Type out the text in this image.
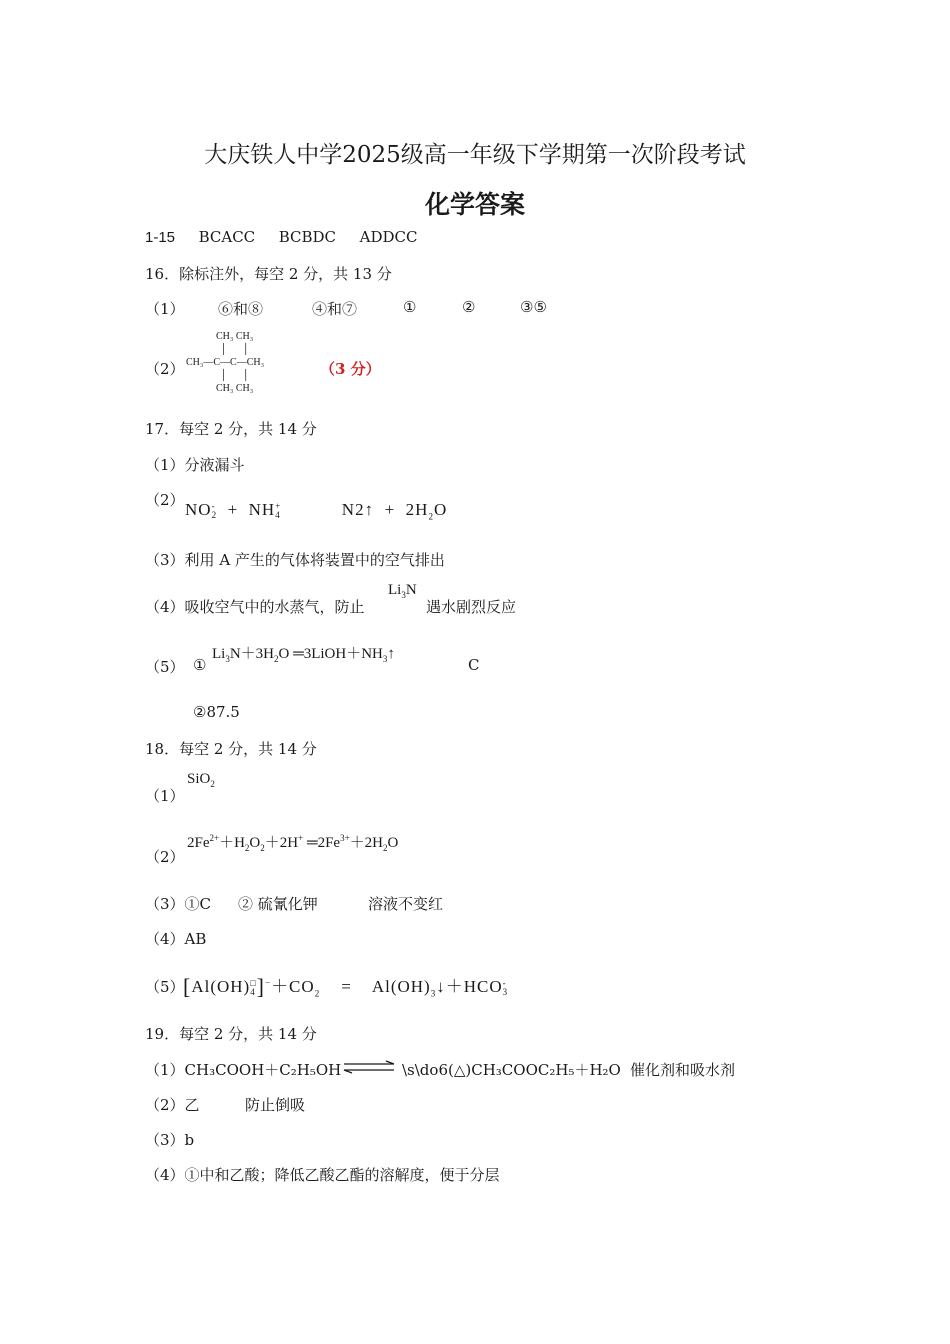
大庆铁人中学2025级高一年级下学期第一次阶段考试
化学答案
1-15 BCACC BCBDC ADDCC
16．除标注外，每空 2 分，共 13 分
（1） ⑥和⑧	④和⑦	①	②	③⑤
（2）
CH₃ CH₃
│      │
CH₃—C—C—CH₃
│      │
CH₃ CH₃
（3 分）
17．每空 2 分，共 14 分
（1）分液漏斗
（2） NO -
2 + NH +
4	N2↑ + $2H_2O$
（3）利用 A 产生的气体将装置中的空气排出
（4）吸收空气中的水蒸气，防止
$Li_3N$
遇水剧烈反应
（5） ①
$Li_3N+3H_2O$ $═3LiOH+NH_3↑$
C
②87.5
18．每空 2 分，共 14 分
SiO$_2$
（1）
$2Fe^{2+}+H_2O_2+2H^+$ $═2Fe^{3+}+2H_2O$
（2）
（3）①C ② 硫氰化钾	溶液不变红
（4）AB
（5）
[Al(OH) □
4 ]$^-+CO_2$ = $Al(OH)_3↓+HCO$ -
3
19．每空 2 分，共 14 分
（1）CH₃COOH＋C₂H₅OH ⇌ \s\do6(△)CH₃COOC₂H₅＋H₂O 催化剂和吸水剂
（2）乙	防止倒吸
（3）b
（4）①中和乙酸；降低乙酸乙酯的溶解度，便于分层
